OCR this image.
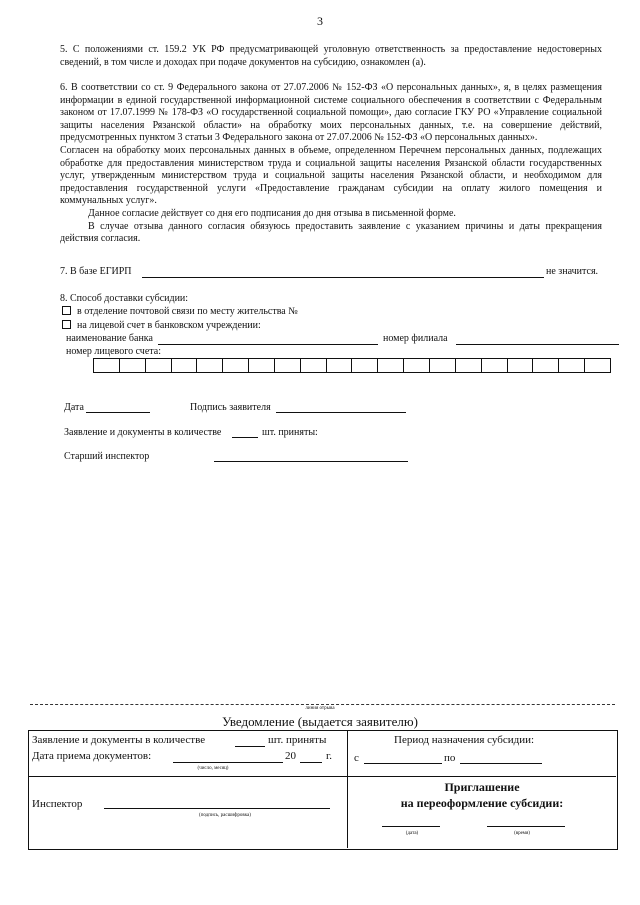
3

5. С положениями ст. 159.2 УК РФ предусматривающей уголовную ответственность за предоставление недостоверных сведений, в том числе и доходах при подаче документов на субсидию, ознакомлен (а).

6. В соответствии со ст. 9 Федерального закона от 27.07.2006 № 152-ФЗ «О персональных данных», я, в целях размещения информации в единой государственной информационной системе социального обеспечения в соответствии с Федеральным законом от 17.07.1999 № 178-ФЗ «О государственной социальной помощи», даю согласие ГКУ РО «Управление социальной защиты населения Рязанской области» на обработку моих персональных данных, т.е. на совершение действий, предусмотренных пунктом 3 статьи 3 Федерального закона от 27.07.2006 № 152-ФЗ «О персональных данных».

Согласен на обработку моих персональных данных в объеме, определенном Перечнем персональных данных, подлежащих обработке для предоставления министерством труда и социальной защиты населения Рязанской области государственных услуг, утвержденным министерством труда и социальной защиты населения Рязанской области, и необходимом для предоставления государственной услуги «Предоставление гражданам субсидии на оплату жилого помещения и коммунальных услуг».

Данное согласие действует со дня его подписания до дня отзыва в письменной форме.

В случае отзыва данного согласия обязуюсь предоставить заявление с указанием причины и даты прекращения действия согласия.

7. В базе ЕГИРП	не значится.
8. Способ доставки субсидии:
в отделение почтовой связи по месту жительства №
на лицевой счет в банковском учреждении:
наименование банка	номер филиала
номер лицевого счета:
Дата	Подпись заявителя
Заявление и документы в количестве	шт. приняты:
Старший инспектор
линия отрыва
Уведомление (выдается заявителю)
Заявление и документы в количестве	шт. приняты
Дата приема документов:	20	г.
(число, месяц)
Период назначения субсидии:
с	по
Инспектор
(подпись, расшифровка)
Приглашение
на переоформление субсидии:
(дата)	(время)
